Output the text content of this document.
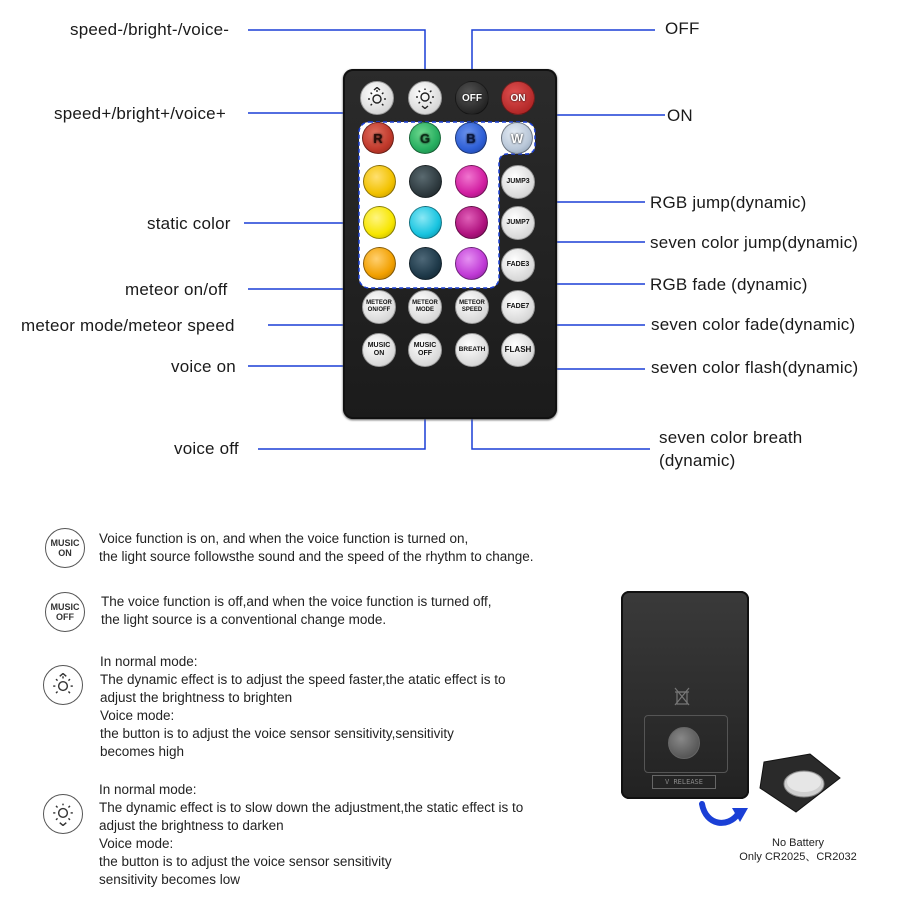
speed-/bright-/voice-
speed+/bright+/voice+
static color
meteor on/off
meteor mode/meteor speed
voice on
voice off
OFF
ON
RGB jump(dynamic)
seven color jump(dynamic)
RGB fade (dynamic)
seven color fade(dynamic)
seven color flash(dynamic)
seven color breath
(dynamic)
OFF	ON
R	G	B	W
JUMP3
JUMP7
FADE3
FADE7
FLASH
METEOR
ON/OFF
METEOR
MODE
METEOR
SPEED
MUSIC
ON
MUSIC
OFF
BREATH
MUSIC
ON
Voice function is on, and when the voice function is turned on,
the light source followsthe sound and the speed of the rhythm to change.
MUSIC
OFF
The voice function is off,and when the voice function is turned off,
the light source is a conventional change mode.
In normal mode:
The dynamic effect is to adjust the speed faster,the atatic effect is to
adjust the brightness to brighten
Voice mode:
the button is to adjust the voice sensor sensitivity,sensitivity
becomes high
In normal mode:
The dynamic effect is to slow down the adjustment,the static effect is to
adjust the brightness to darken
Voice mode:
the button is to adjust the voice sensor sensitivity
sensitivity becomes low
V RELEASE
No Battery
Only CR2025、CR2032
